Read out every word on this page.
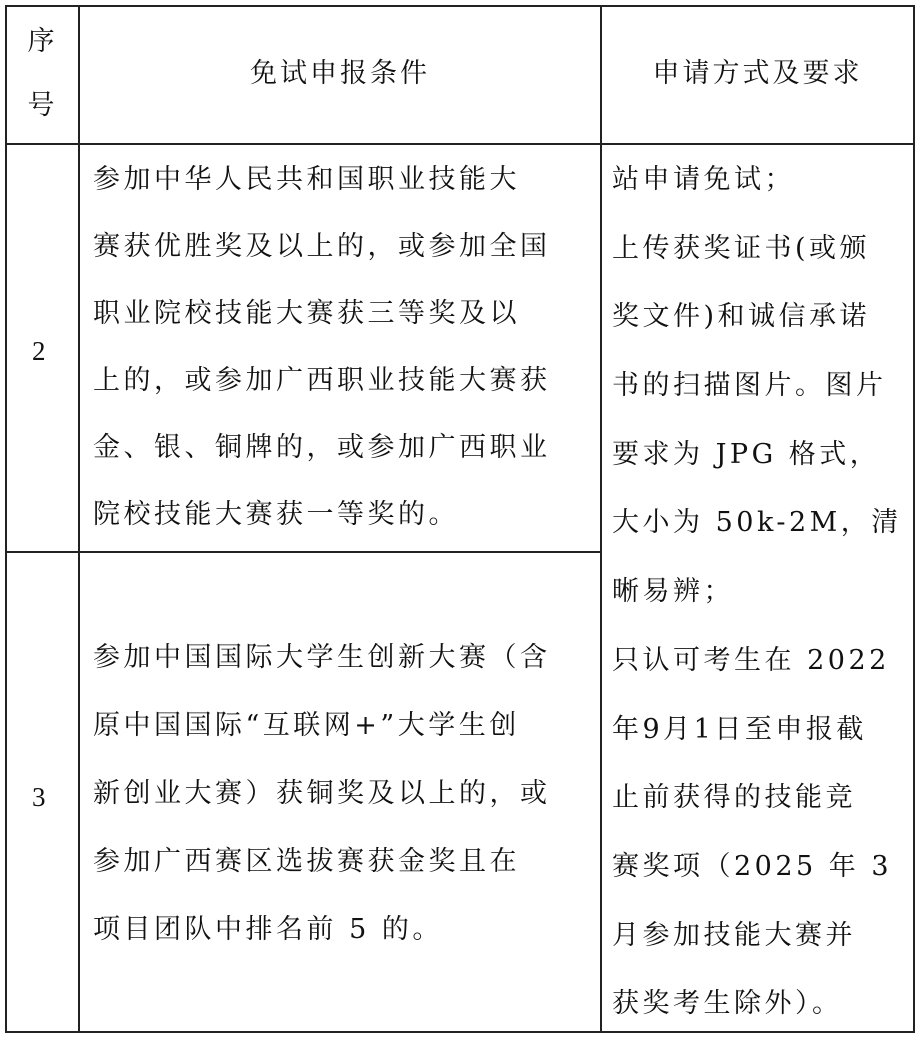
序
号
免试申报条件	申请方式及要求
2
参加中华人民共和国职业技能大
赛获优胜奖及以上的，或参加全国
职业院校技能大赛获三等奖及以
上的，或参加广西职业技能大赛获
金、银、铜牌的，或参加广西职业
院校技能大赛获一等奖的。
3
参加中国国际大学生创新大赛（含
原中国国际“互联网+”大学生创
新创业大赛）获铜奖及以上的，或
参加广西赛区选拔赛获金奖且在
项目团队中排名前 5 的。
站申请免试；
上传获奖证书(或颁
奖文件)和诚信承诺
书的扫描图片。图片
要求为 JPG 格式，
大小为 50k-2M，清
晰易辨；
只认可考生在 2022
年9月1日至申报截
止前获得的技能竞
赛奖项（2025 年 3
月参加技能大赛并
获奖考生除外）。
